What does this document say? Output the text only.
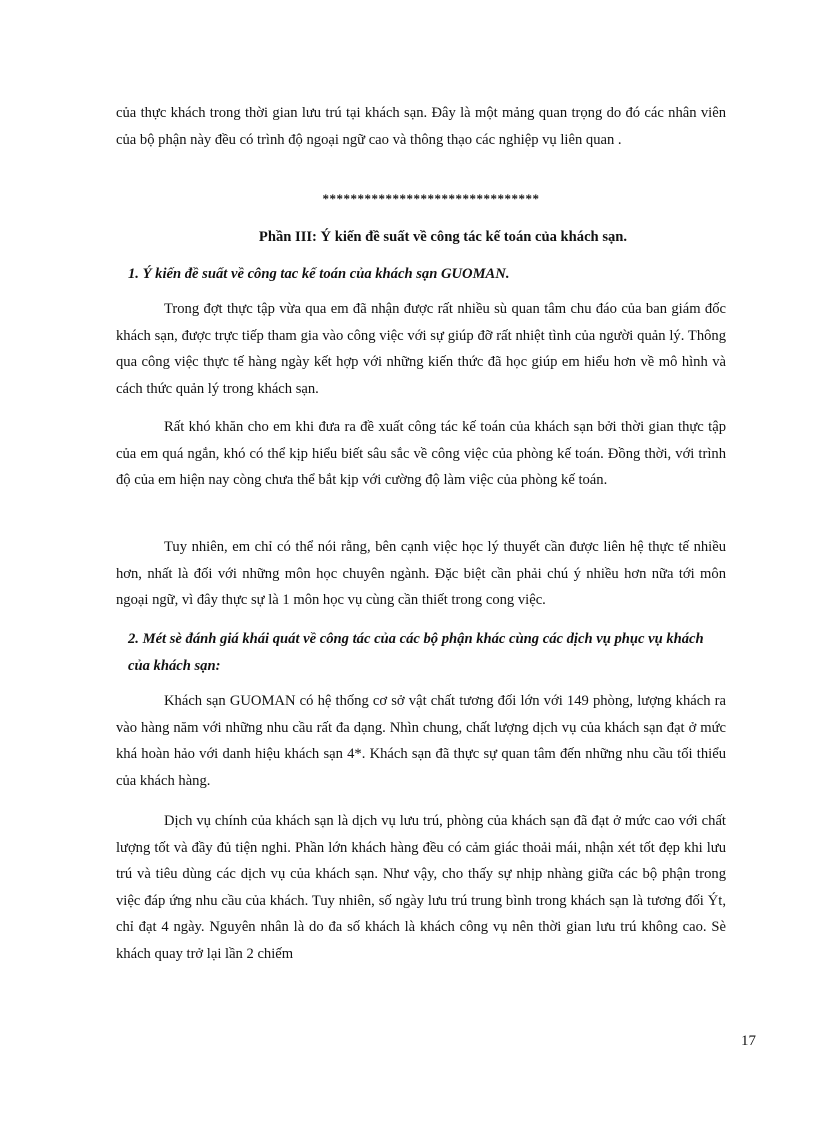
của thực khách trong thời gian lưu trú tại khách sạn. Đây là một mảng quan trọng do đó các nhân viên của bộ phận này đều có trình độ ngoại ngữ cao và thông thạo các nghiệp vụ liên quan .

*******************************

Phần III: Ý kiến đề suất về công tác kế toán của khách sạn.

1. Ý kiến đề suất về công tac kế toán của khách sạn GUOMAN.

Trong đợt thực tập vừa qua em đã nhận được rất nhiều sù quan tâm chu đáo của ban giám đốc khách sạn, được trực tiếp tham gia vào công việc với sự giúp đỡ rất nhiệt tình của người quản lý. Thông qua công việc thực tế hàng ngày kết hợp với những kiến thức đã học giúp em hiểu hơn về mô hình và cách thức quản lý trong khách sạn.

Rất khó khăn cho em khi đưa ra đề xuất công tác kế toán của khách sạn bởi thời gian thực tập của em quá ngắn, khó có thể kịp hiểu biết sâu sắc về công việc của phòng kế toán. Đồng thời, với trình độ của em hiện nay còng chưa thể bắt kịp với cường độ làm việc của phòng kế toán.

Tuy nhiên, em chỉ có thể nói rằng, bên cạnh việc học lý thuyết cần được liên hệ thực tế nhiều hơn, nhất là đối với những môn học chuyên ngành. Đặc biệt cần phải chú ý nhiều hơn nữa tới môn ngoại ngữ, vì đây thực sự là 1 môn học vụ cùng cần thiết trong cong việc.

2. Mét sè đánh giá khái quát về công tác của các bộ phận khác cùng các dịch vụ phục vụ khách của khách sạn:

Khách sạn GUOMAN có hệ thống cơ sở vật chất tương đối lớn với 149 phòng, lượng khách ra vào hàng năm với những nhu cầu rất đa dạng. Nhìn chung, chất lượng dịch vụ của khách sạn đạt ở mức khá hoàn hảo với danh hiệu khách sạn 4*. Khách sạn đã thực sự quan tâm đến những nhu cầu tối thiểu của khách hàng.

Dịch vụ chính của khách sạn là dịch vụ lưu trú, phòng của khách sạn đã đạt ở mức cao với chất lượng tốt và đầy đủ tiện nghi. Phần lớn khách hàng đều có cảm giác thoải mái, nhận xét tốt đẹp khi lưu trú và tiêu dùng các dịch vụ của khách sạn. Như vậy, cho thấy sự nhịp nhàng giữa các bộ phận trong việc đáp ứng nhu cầu của khách. Tuy nhiên, số ngày lưu trú trung bình trong khách sạn là tương đối Ýt, chỉ đạt 4 ngày. Nguyên nhân là do đa số khách là khách công vụ nên thời gian lưu trú không cao. Sè khách quay trở lại lần 2 chiếm

17
